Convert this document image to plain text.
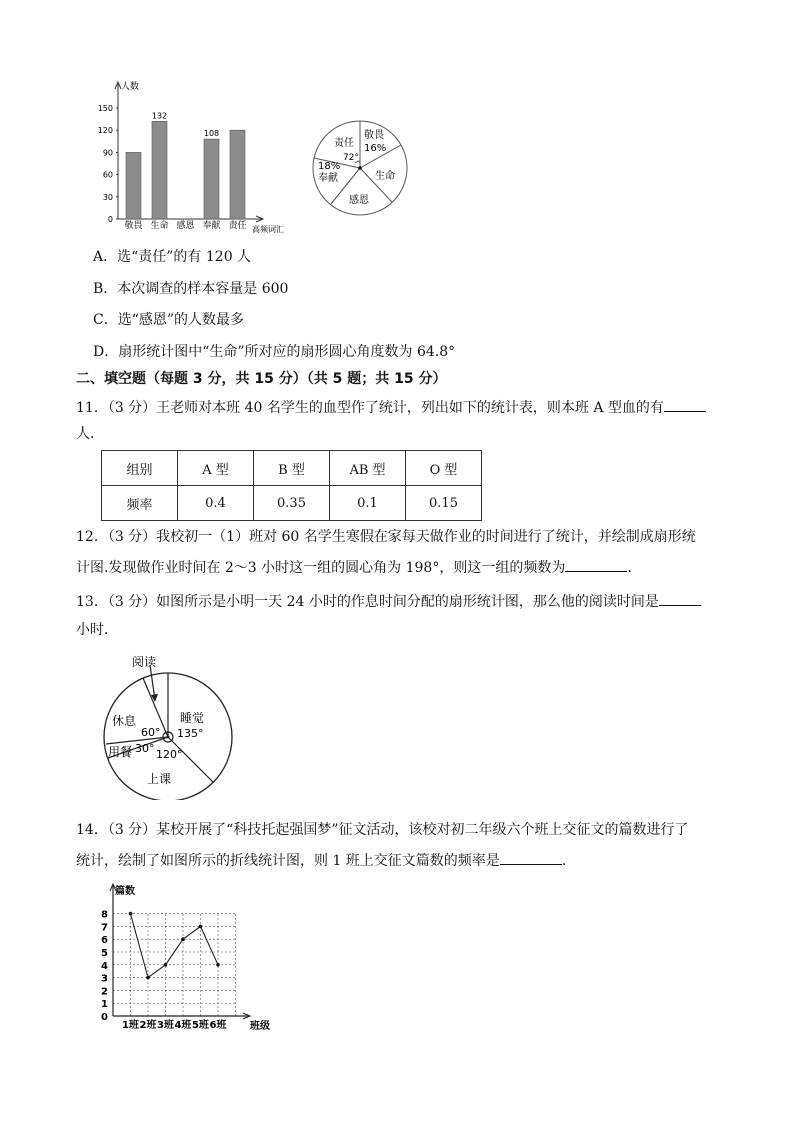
人数
高频词汇
150
120
90
60
30
0
敬畏
132
生命 感恩
108
奉献 责任
敬畏
16%
生命
感恩
18%
奉献
责任
72°
A．选“责任”的有 120 人
B．本次调查的样本容量是 600
C．选“感恩”的人数最多
D．扇形统计图中“生命”所对应的扇形圆心角度数为 64.8°
二、填空题（每题 3 分，共 15 分）（共 5 题；共 15 分）
11．（3 分）王老师对本班 40 名学生的血型作了统计，列出如下的统计表，则本班 A 型血的有
人．
组别	A 型	B 型	AB 型	O 型
频率	0.4	0.35	0.1	0.15
12．（3 分）我校初一（1）班对 60 名学生寒假在家每天做作业的时间进行了统计，并绘制成扇形统
计图.发现做作业时间在 2～3 小时这一组的圆心角为 198°，则这一组的频数为	.
13．（3 分）如图所示是小明一天 24 小时的作息时间分配的扇形统计图，那么他的阅读时间是
小时．
阅读
睡觉
135°
休息
60°
用餐 30° 120°
上课
14．（3 分）某校开展了“科技托起强国梦”征文活动，该校对初二年级六个班上交征文的篇数进行了
统计，绘制了如图所示的折线统计图，则 1 班上交征文篇数的频率是	.
篇数
班级
8
7
6
5
4
3
2
1
0
1班 2班 3班 4班 5班 6班
